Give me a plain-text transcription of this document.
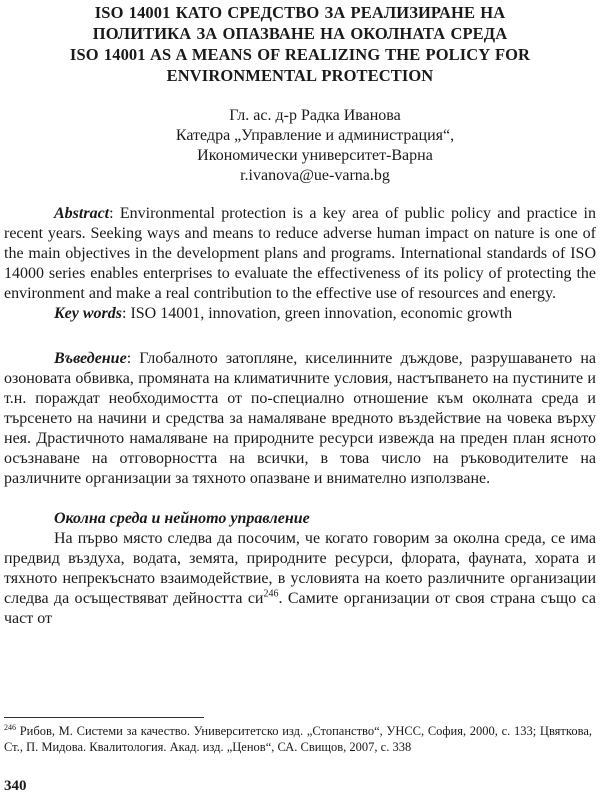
ISO 14001 КАТО СРЕДСТВО ЗА РЕАЛИЗИРАНЕ НА
ПОЛИТИКА ЗА ОПАЗВАНЕ НА ОКОЛНАТА СРЕДА
ISO 14001 AS A MEANS OF REALIZING THE POLICY FOR
ENVIRONMENTAL PROTECTION
Гл. ас. д-р Радка Иванова
Катедра „Управление и администрация“,
Икономически университет-Варна
r.ivanova@ue-varna.bg

Abstract: Environmental protection is a key area of public policy and practice in recent years. Seeking ways and means to reduce adverse human impact on nature is one of the main objectives in the development plans and programs. International standards of ISO 14000 series enables enterprises to evaluate the effectiveness of its policy of protecting the environment and make a real contribution to the effective use of resources and energy.

Key words: ISO 14001, innovation, green innovation, economic growth

Въведение: Глобалното затопляне, киселинните дъждове, разрушаването на озоновата обвивка, промяната на климатичните условия, настъпването на пустините и т.н. пораждат необходимостта от по-специално отношение към околната среда и търсенето на начини и средства за намаляване вредното въздействие на човека върху нея. Драстичното намаляване на природните ресурси извежда на преден план ясното осъзнаване на отговорността на всички, в това число на ръководителите на различните организации за тяхното опазване и внимателно използване.

Околна среда и нейното управление

На първо място следва да посочим, че когато говорим за околна среда, се има предвид въздуха, водата, земята, природните ресурси, флората, фауната, хората и тяхното непрекъснато взаимодействие, в условията на което различните организации следва да осъществяват дейността $си^{246}$. Самите организации от своя страна също са част от

$^{246}$ Рибов, М. Системи за качество. Университетско изд. „Стопанство“, УНСС, София, 2000, с. 133; Цвяткова, Ст., П. Мидова. Квалитология. Акад. изд. „Ценов“, СА. Свищов, 2007, с. 338

340
